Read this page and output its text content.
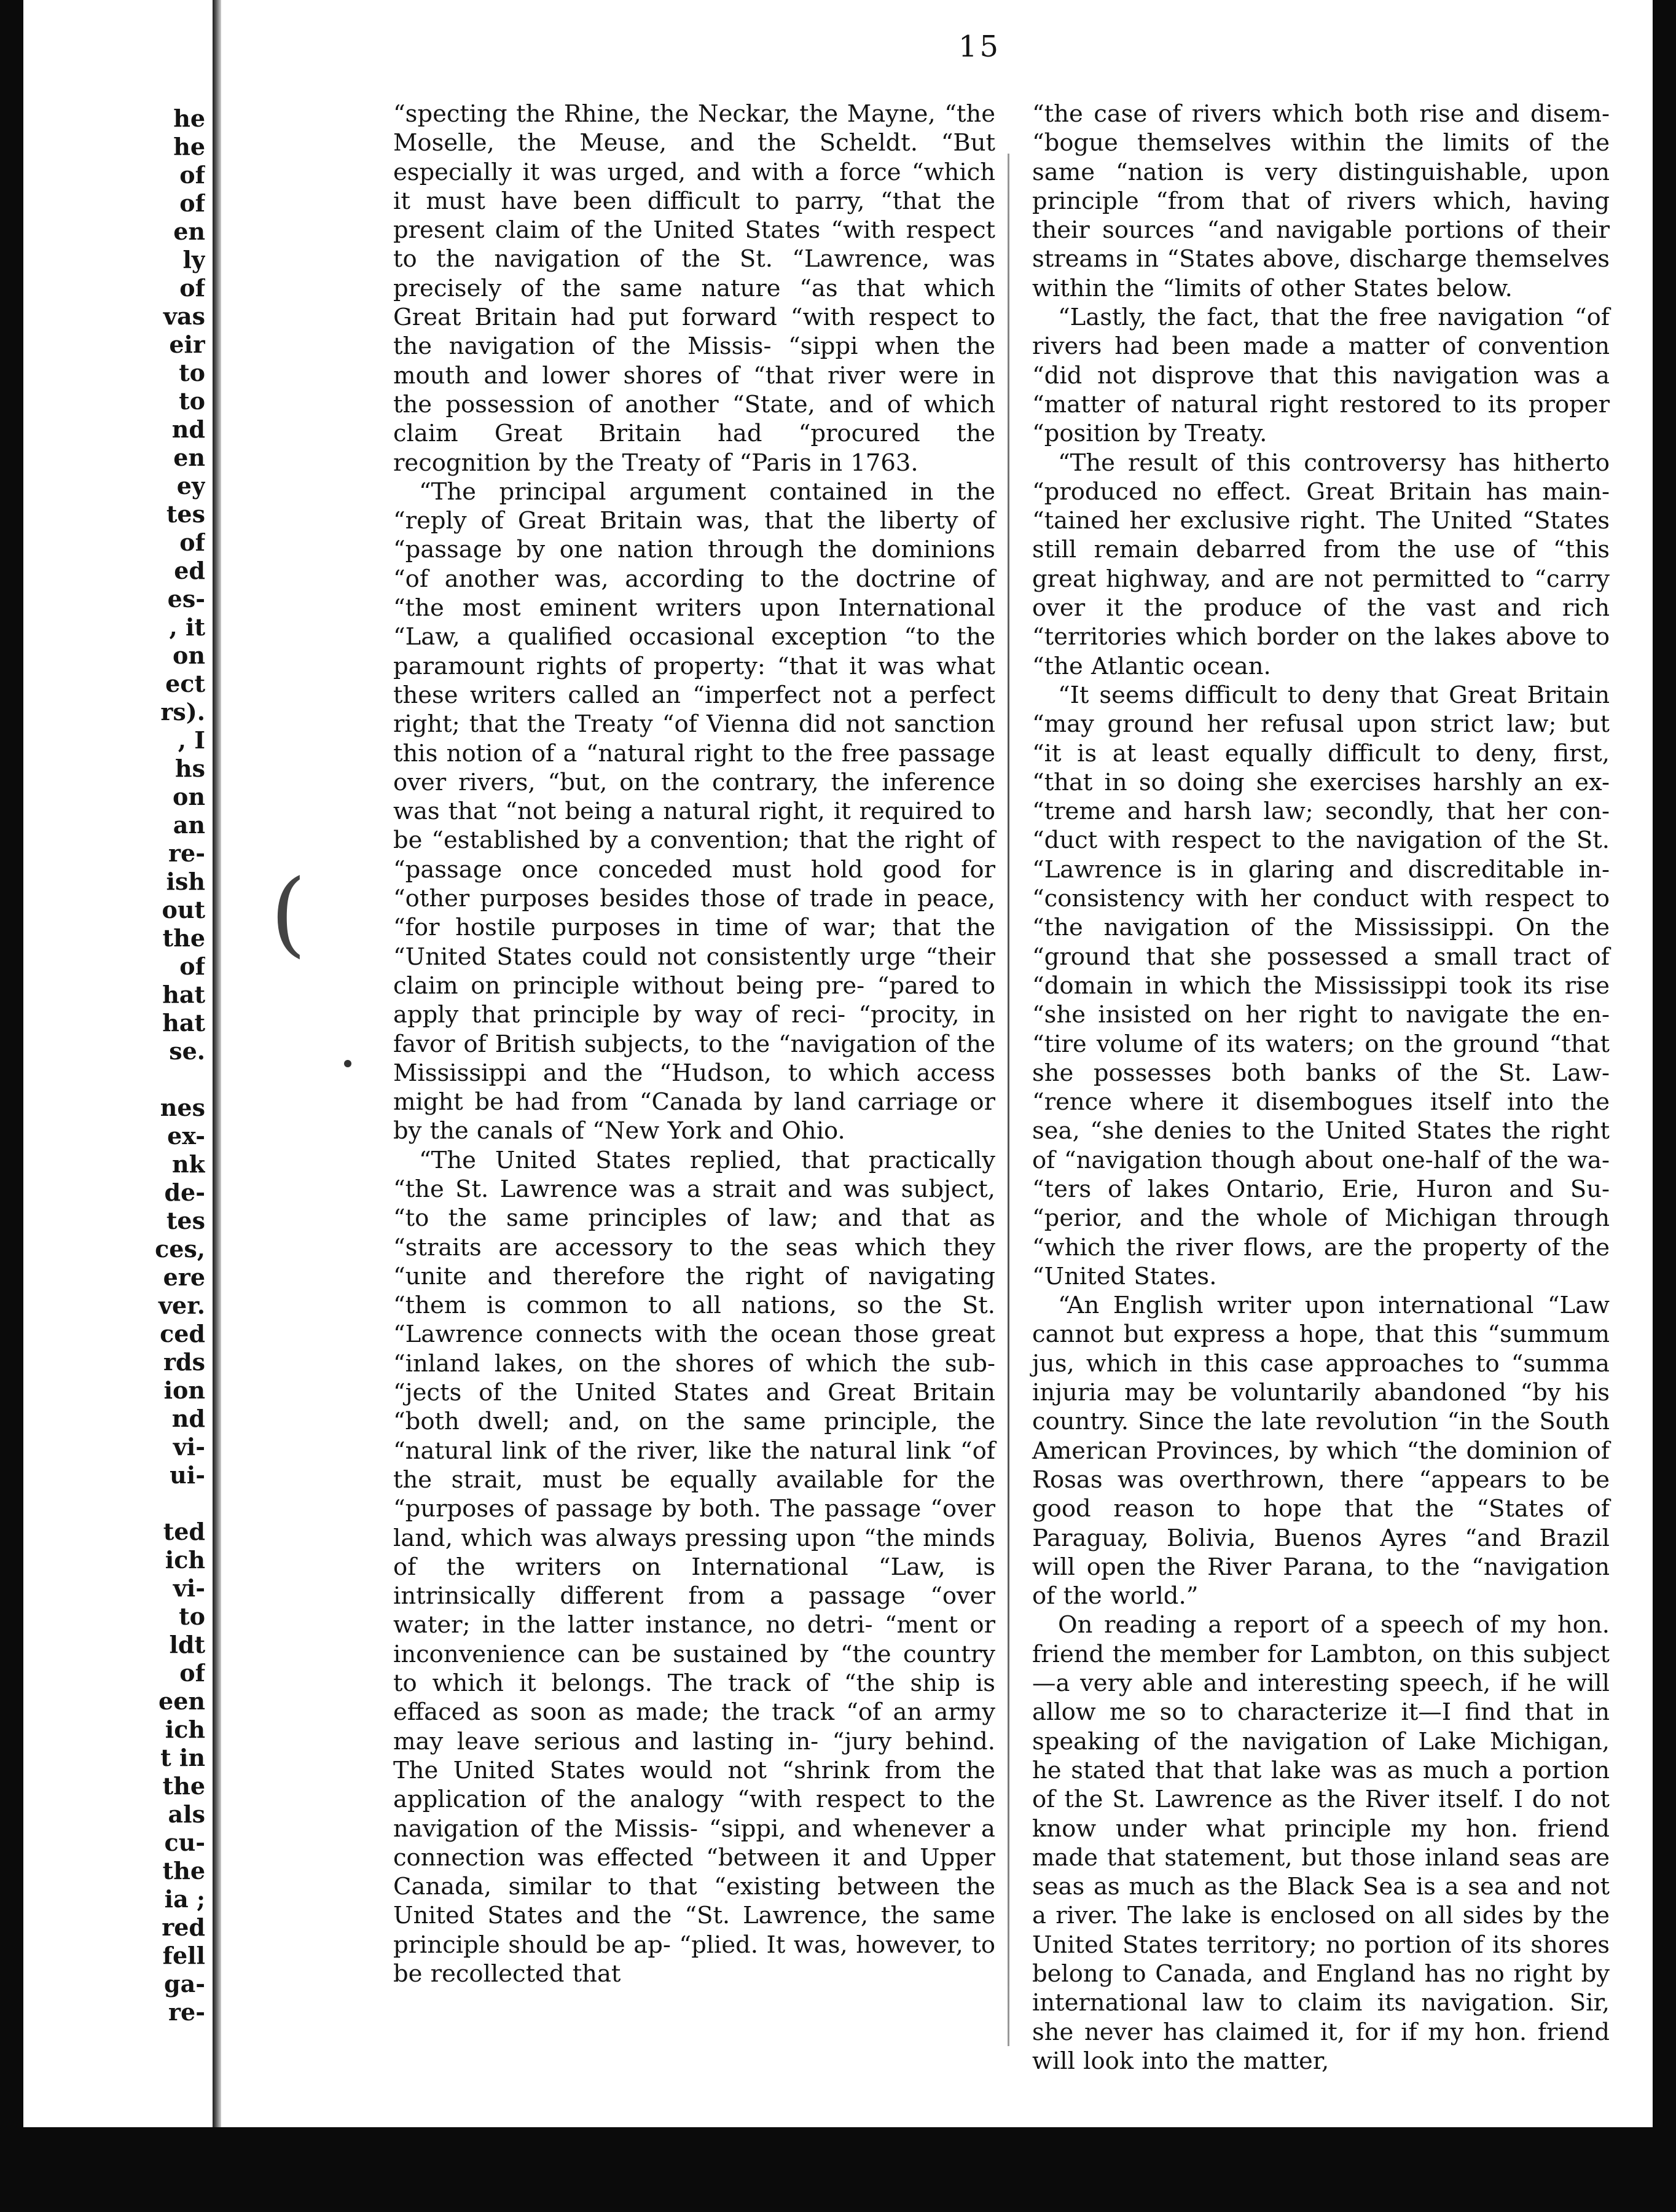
15

he
he
of
of
en
ly
of
vas
eir
to
to
nd
en
ey
tes
of
ed
es-
, it
on
ect
rs).
, I
hs
on
an
re-
ish
out
the
of
hat
hat
se.
nes
ex-
nk
de-
tes
ces,
ere
ver.
ced
rds
ion
nd
vi-
ui-
ted
ich
vi-
to
ldt
of
een
ich
t in
the
als
cu-
the
ia ;
red
fell
ga-
re-

“specting the Rhine, the Neckar, the Mayne, “the Moselle, the Meuse, and the Scheldt. “But especially it was urged, and with a force “which it must have been difficult to parry, “that the present claim of the United States “with respect to the navigation of the St. “Lawrence, was precisely of the same nature “as that which Great Britain had put forward “with respect to the navigation of the Missis- “sippi when the mouth and lower shores of “that river were in the possession of another “State, and of which claim Great Britain had “procured the recognition by the Treaty of “Paris in 1763.

“The principal argument contained in the “reply of Great Britain was, that the liberty of “passage by one nation through the dominions “of another was, according to the doctrine of “the most eminent writers upon International “Law, a qualified occasional exception “to the paramount rights of property: “that it was what these writers called an “imperfect not a perfect right; that the Treaty “of Vienna did not sanction this notion of a “natural right to the free passage over rivers, “but, on the contrary, the inference was that “not being a natural right, it required to be “established by a convention; that the right of “passage once conceded must hold good for “other purposes besides those of trade in peace, “for hostile purposes in time of war; that the “United States could not consistently urge “their claim on principle without being pre- “pared to apply that principle by way of reci- “procity, in favor of British subjects, to the “navigation of the Mississippi and the “Hudson, to which access might be had from “Canada by land carriage or by the canals of “New York and Ohio.

“The United States replied, that practically “the St. Lawrence was a strait and was subject, “to the same principles of law; and that as “straits are accessory to the seas which they “unite and therefore the right of navigating “them is common to all nations, so the St. “Lawrence connects with the ocean those great “inland lakes, on the shores of which the sub- “jects of the United States and Great Britain “both dwell; and, on the same principle, the “natural link of the river, like the natural link “of the strait, must be equally available for the “purposes of passage by both. The passage “over land, which was always pressing upon “the minds of the writers on International “Law, is intrinsically different from a passage “over water; in the latter instance, no detri- “ment or inconvenience can be sustained by “the country to which it belongs. The track of “the ship is effaced as soon as made; the track “of an army may leave serious and lasting in- “jury behind. The United States would not “shrink from the application of the analogy “with respect to the navigation of the Missis- “sippi, and whenever a connection was effected “between it and Upper Canada, similar to that “existing between the United States and the “St. Lawrence, the same principle should be ap- “plied. It was, however, to be recollected that

“the case of rivers which both rise and disem- “bogue themselves within the limits of the same “nation is very distinguishable, upon principle “from that of rivers which, having their sources “and navigable portions of their streams in “States above, discharge themselves within the “limits of other States below.

“Lastly, the fact, that the free navigation “of rivers had been made a matter of convention “did not disprove that this navigation was a “matter of natural right restored to its proper “position by Treaty.

“The result of this controversy has hitherto “produced no effect. Great Britain has main- “tained her exclusive right. The United “States still remain debarred from the use of “this great highway, and are not permitted to “carry over it the produce of the vast and rich “territories which border on the lakes above to “the Atlantic ocean.

“It seems difficult to deny that Great Britain “may ground her refusal upon strict law; but “it is at least equally difficult to deny, first, “that in so doing she exercises harshly an ex- “treme and harsh law; secondly, that her con- “duct with respect to the navigation of the St. “Lawrence is in glaring and discreditable in- “consistency with her conduct with respect to “the navigation of the Mississippi. On the “ground that she possessed a small tract of “domain in which the Mississippi took its rise “she insisted on her right to navigate the en- “tire volume of its waters; on the ground “that she possesses both banks of the St. Law- “rence where it disembogues itself into the sea, “she denies to the United States the right of “navigation though about one-half of the wa- “ters of lakes Ontario, Erie, Huron and Su- “perior, and the whole of Michigan through “which the river flows, are the property of the “United States.

“An English writer upon international “Law cannot but express a hope, that this “summum jus, which in this case approaches to “summa injuria may be voluntarily abandoned “by his country. Since the late revolution “in the South American Provinces, by which “the dominion of Rosas was overthrown, there “appears to be good reason to hope that the “States of Paraguay, Bolivia, Buenos Ayres “and Brazil will open the River Parana, to the “navigation of the world.”

On reading a report of a speech of my hon. friend the member for Lambton, on this subject—a very able and interesting speech, if he will allow me so to characterize it—I find that in speaking of the navigation of Lake Michigan, he stated that that lake was as much a portion of the St. Lawrence as the River itself. I do not know under what principle my hon. friend made that statement, but those inland seas are seas as much as the Black Sea is a sea and not a river. The lake is enclosed on all sides by the United States territory; no portion of its shores belong to Canada, and England has no right by international law to claim its navigation. Sir, she never has claimed it, for if my hon. friend will look into the matter,

(
